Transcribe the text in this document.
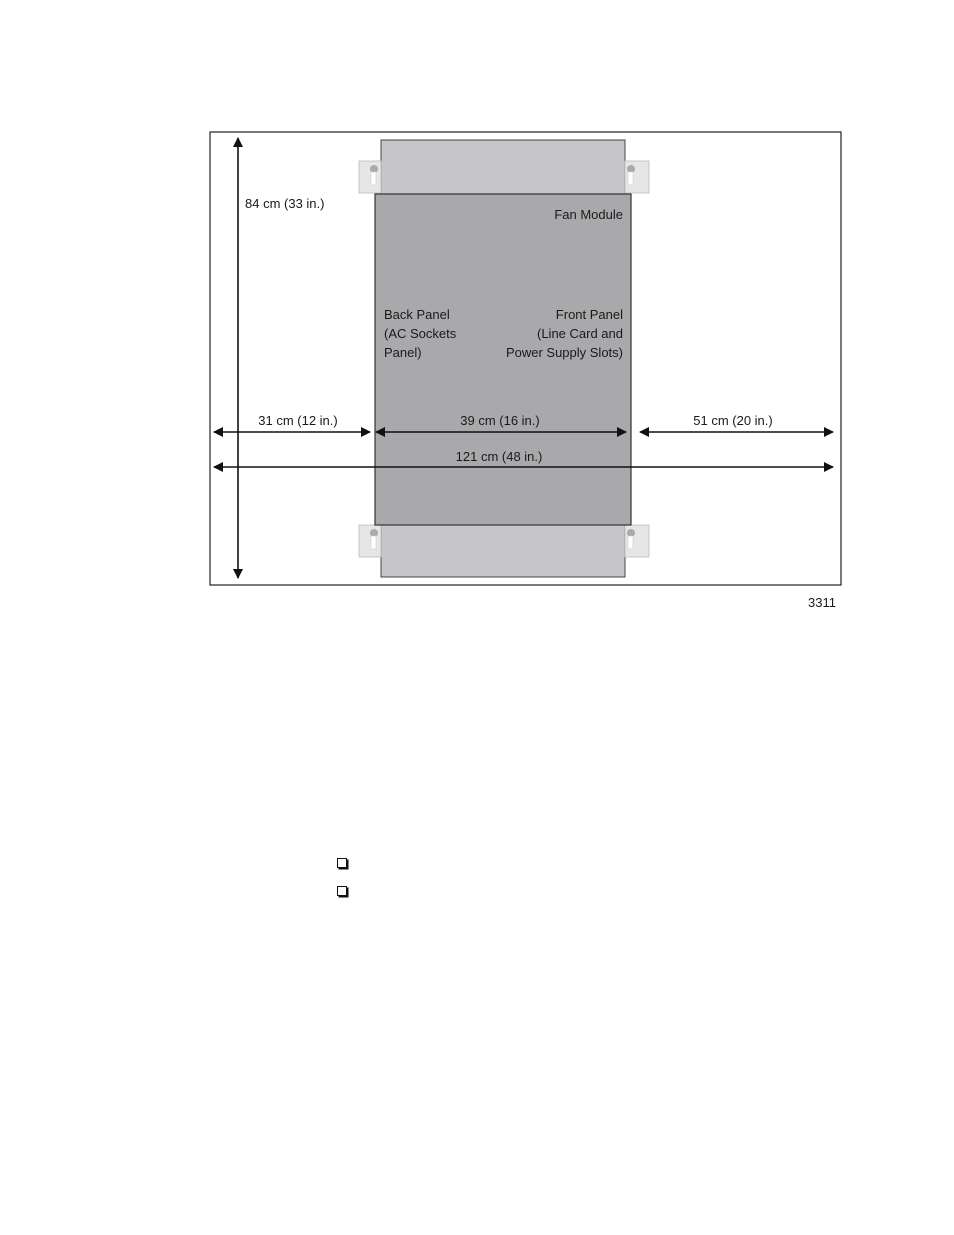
84 cm (33 in.)
31 cm (12 in.)	39 cm (16 in.)	51 cm (20 in.)
121 cm (48 in.)
Fan Module
Back Panel
(AC Sockets
Panel)
Front Panel
(Line Card and
Power Supply Slots)
3311
